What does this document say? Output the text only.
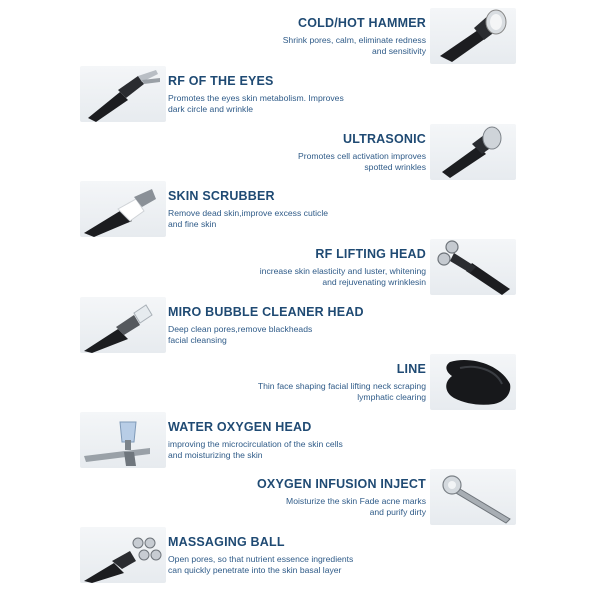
COLD/HOT HAMMER
Shrink pores, calm, eliminate redness
and sensitivity
RF OF THE EYES
Promotes the eyes skin metabolism. Improves
dark circle and wrinkle
ULTRASONIC
Promotes cell activation improves
spotted wrinkles
SKIN SCRUBBER
Remove dead skin,improve excess cuticle
and fine skin
RF LIFTING HEAD
increase skin elasticity and luster, whitening
and rejuvenating wrinklesin
MIRO BUBBLE CLEANER HEAD
Deep clean pores,remove blackheads
facial cleansing
LINE
Thin face shaping facial lifting neck scraping
lymphatic clearing
WATER OXYGEN HEAD
improving the microcirculation of the skin cells
and moisturizing the skin
OXYGEN INFUSION INJECT
Moisturize the skin Fade acne marks
and purify dirty
MASSAGING BALL
Open pores, so that nutrient essence ingredients
can quickly penetrate into the skin basal layer
